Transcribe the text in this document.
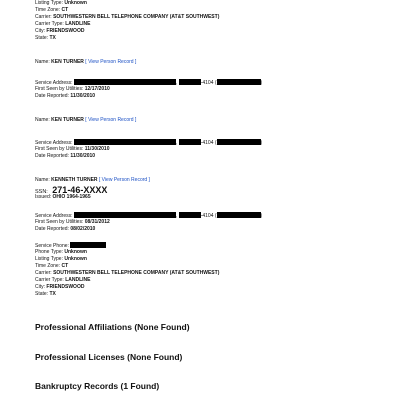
Listing Type: Unknown
Time Zone: CT
Carrier: SOUTHWESTERN BELL TELEPHONE COMPANY (AT&T SOUTHWEST)
Carrier Type: LANDLINE
City: FRIENDSWOOD
State: TX
Name: KEN TURNER [ View Person Record ]
Service Address:	,	-4104 (	)
First Seen by Utilities: 12/17/2010
Date Reported: 11/30/2010
Name: KEN TURNER [ View Person Record ]
Service Address:	,	-4104 (	)
First Seen by Utilities: 11/30/2010
Date Reported: 11/30/2010
Name: KENNETH TURNER [ View Person Record ]
SSN: 271-46-XXXX
Issued: OHIO 1964-1965
Service Address:	,	-4104 (	)
First Seen by Utilities: 08/31/2012
Date Reported: 08/02/2010
Service Phone:
Phone Type: Unknown
Listing Type: Unknown
Time Zone: CT
Carrier: SOUTHWESTERN BELL TELEPHONE COMPANY (AT&T SOUTHWEST)
Carrier Type: LANDLINE
City: FRIENDSWOOD
State: TX
Professional Affiliations (None Found)
Professional Licenses (None Found)
Bankruptcy Records (1 Found)
